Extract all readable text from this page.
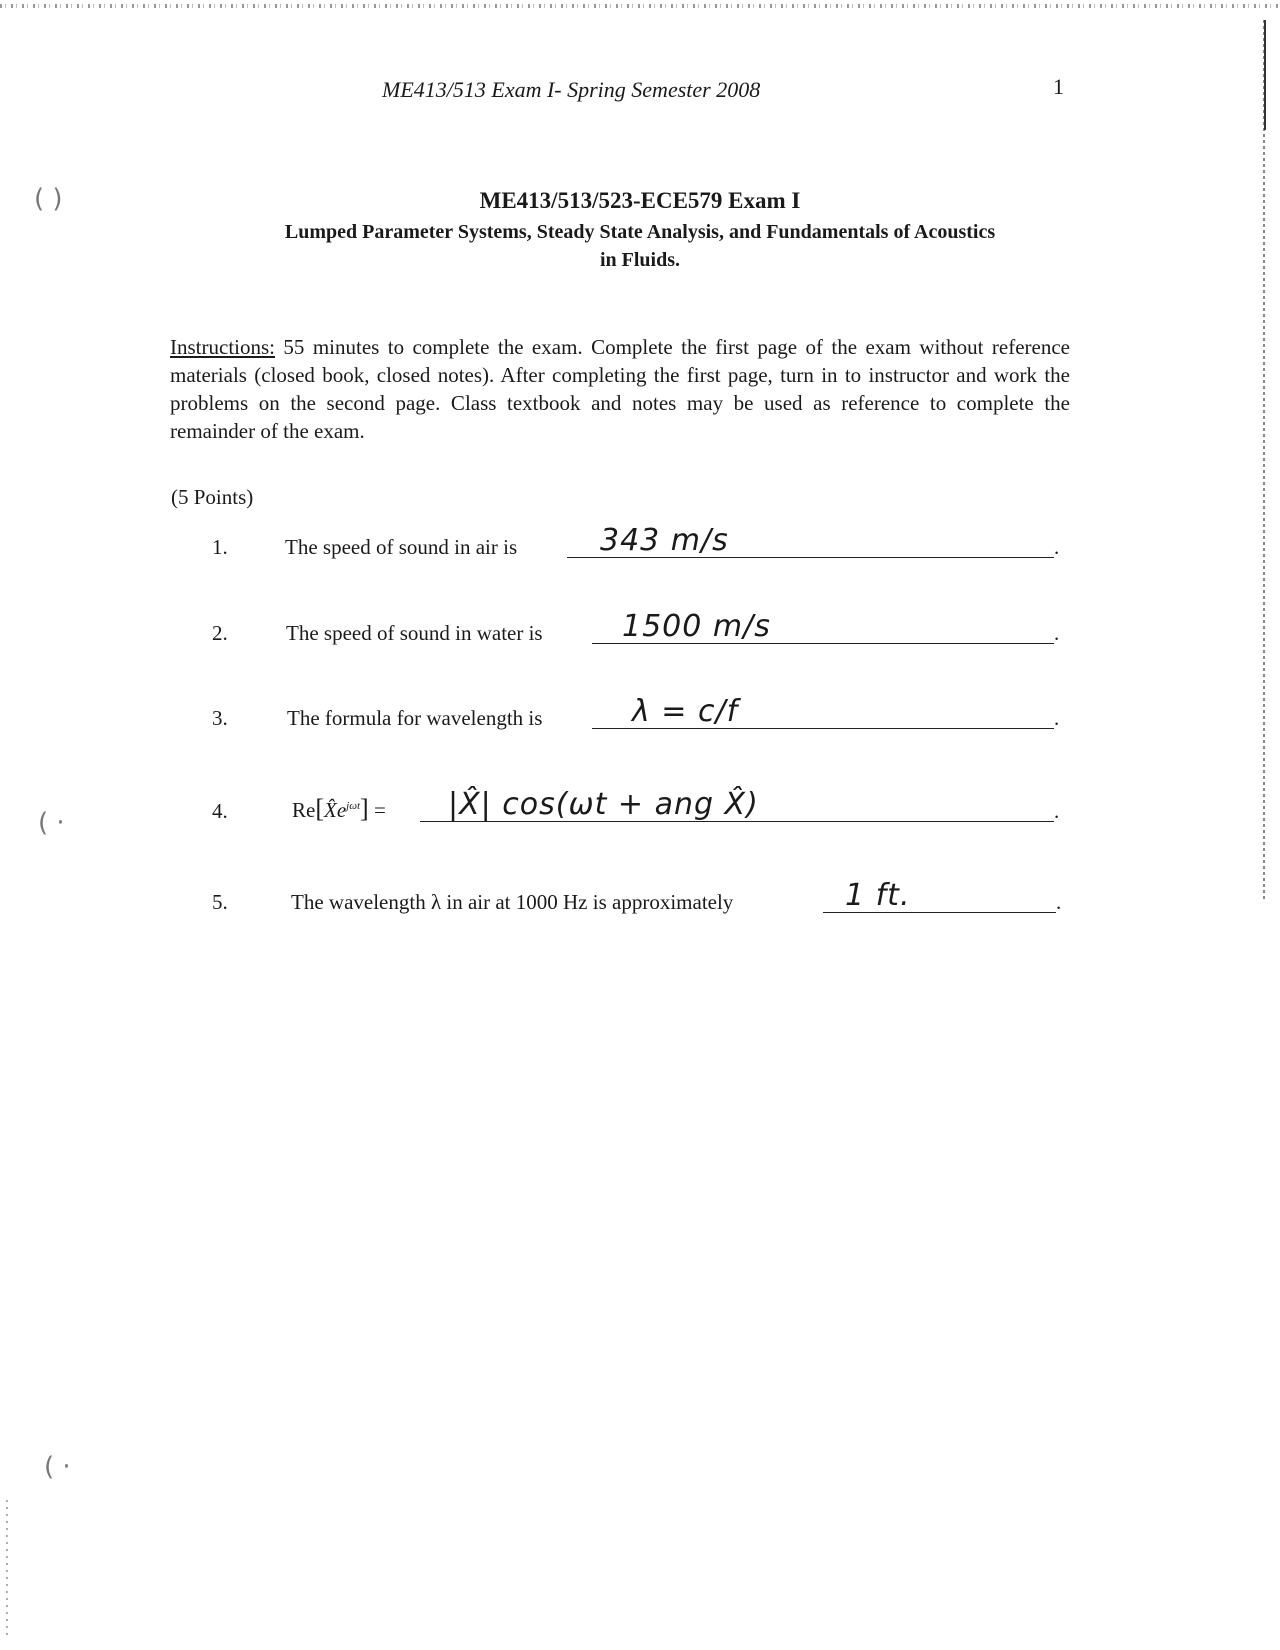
( )
( ·
( ·
ME413/513 Exam I- Spring Semester 2008	1
ME413/513/523-ECE579 Exam I
Lumped Parameter Systems, Steady State Analysis, and Fundamentals of Acoustics
in Fluids.
Instructions: 55 minutes to complete the exam. Complete the first page of the exam without reference materials (closed book, closed notes). After completing the first page, turn in to instructor and work the problems on the second page. Class textbook and notes may be used as reference to complete the remainder of the exam.
(5 Points)
1.	The speed of sound in air is	343 m/s	.
2.	The speed of sound in water is	1500 m/s	.
3.	The formula for wavelength is	λ = c/f	.
4.	$Re[X̂e^{j\omega t}]$ = |X̂| cos(ωt + ang X̂)	.
5.	The wavelength λ in air at 1000 Hz is approximately	1 ft.	.
